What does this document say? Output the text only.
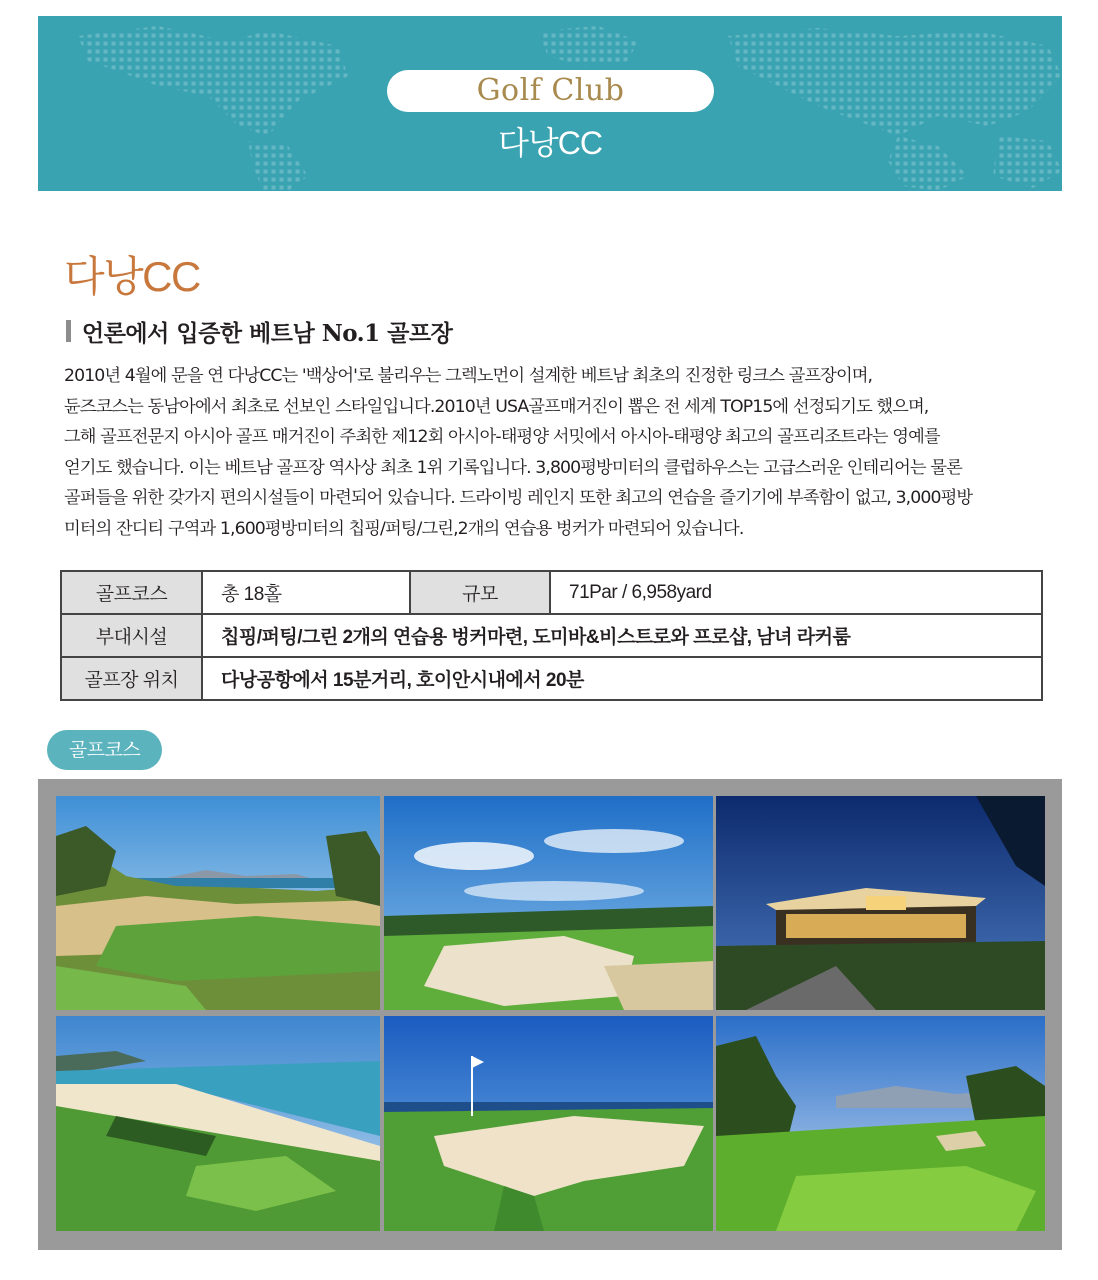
Golf Club
다낭CC
다낭CC
언론에서 입증한 베트남 No.1 골프장
2010년 4월에 문을 연 다낭CC는 '백상어'로 불리우는 그렉노먼이 설계한 베트남 최초의 진정한 링크스 골프장이며,
듄즈코스는 동남아에서 최초로 선보인 스타일입니다.2010년 USA골프매거진이 뽑은 전 세계 TOP15에 선정되기도 했으며,
그해 골프전문지 아시아 골프 매거진이 주최한 제12회 아시아-태평양 서밋에서 아시아-태평양 최고의 골프리조트라는 영예를
얻기도 했습니다. 이는 베트남 골프장 역사상 최초 1위 기록입니다. 3,800평방미터의 클럽하우스는 고급스러운 인테리어는 물론
골퍼들을 위한 갖가지 편의시설들이 마련되어 있습니다. 드라이빙 레인지 또한 최고의 연습을 즐기기에 부족함이 없고, 3,000평방
미터의 잔디티 구역과 1,600평방미터의 칩핑/퍼팅/그린,2개의 연습용 벙커가 마련되어 있습니다.
골프코스	총 18홀	규모	71Par / 6,958yard
부대시설	칩핑/퍼팅/그린 2개의 연습용 벙커마련, 도미바&비스트로와 프로샵, 남녀 라커룸		
골프장 위치	다낭공항에서 15분거리, 호이안시내에서 20분		
골프코스
